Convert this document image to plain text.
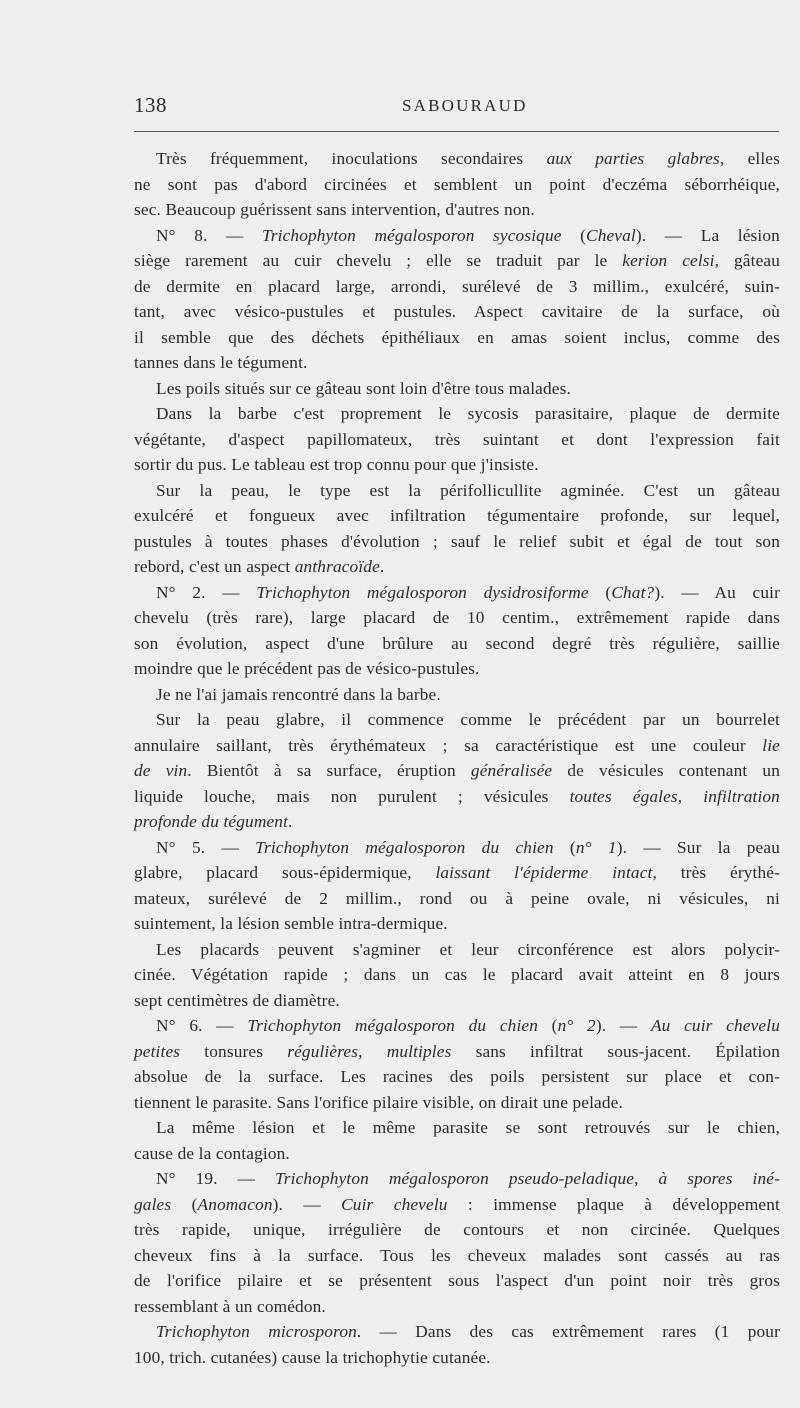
138	SABOURAUD
Très fréquemment, inoculations secondaires aux parties glabres, elles
ne sont pas d'abord circinées et semblent un point d'eczéma séborrhéique,
sec. Beaucoup guérissent sans intervention, d'autres non.
N° 8. — Trichophyton mégalosporon sycosique (Cheval). — La lésion
siège rarement au cuir chevelu ; elle se traduit par le kerion celsi, gâteau
de dermite en placard large, arrondi, surélevé de 3 millim., exulcéré, suin-
tant, avec vésico-pustules et pustules. Aspect cavitaire de la surface, où
il semble que des déchets épithéliaux en amas soient inclus, comme des
tannes dans le tégument.
Les poils situés sur ce gâteau sont loin d'être tous malades.
Dans la barbe c'est proprement le sycosis parasitaire, plaque de dermite
végétante, d'aspect papillomateux, très suintant et dont l'expression fait
sortir du pus. Le tableau est trop connu pour que j'insiste.
Sur la peau, le type est la périfollicullite agminée. C'est un gâteau
exulcéré et fongueux avec infiltration tégumentaire profonde, sur lequel,
pustules à toutes phases d'évolution ; sauf le relief subit et égal de tout son
rebord, c'est un aspect anthracoïde.
N° 2. — Trichophyton mégalosporon dysidrosiforme (Chat?). — Au cuir
chevelu (très rare), large placard de 10 centim., extrêmement rapide dans
son évolution, aspect d'une brûlure au second degré très régulière, saillie
moindre que le précédent pas de vésico-pustules.
Je ne l'ai jamais rencontré dans la barbe.
Sur la peau glabre, il commence comme le précédent par un bourrelet
annulaire saillant, très érythémateux ; sa caractéristique est une couleur lie
de vin. Bientôt à sa surface, éruption généralisée de vésicules contenant un
liquide louche, mais non purulent ; vésicules toutes égales, infiltration
profonde du tégument.
N° 5. — Trichophyton mégalosporon du chien (n° 1). — Sur la peau
glabre, placard sous-épidermique, laissant l'épiderme intact, très érythé-
mateux, surélevé de 2 millim., rond ou à peine ovale, ni vésicules, ni
suintement, la lésion semble intra-dermique.
Les placards peuvent s'agminer et leur circonférence est alors polycir-
cinée. Végétation rapide ; dans un cas le placard avait atteint en 8 jours
sept centimètres de diamètre.
N° 6. — Trichophyton mégalosporon du chien (n° 2). — Au cuir chevelu
petites tonsures régulières, multiples sans infiltrat sous-jacent. Épilation
absolue de la surface. Les racines des poils persistent sur place et con-
tiennent le parasite. Sans l'orifice pilaire visible, on dirait une pelade.
La même lésion et le même parasite se sont retrouvés sur le chien,
cause de la contagion.
N° 19. — Trichophyton mégalosporon pseudo-peladique, à spores iné-
gales (Anomacon). — Cuir chevelu : immense plaque à développement
très rapide, unique, irrégulière de contours et non circinée. Quelques
cheveux fins à la surface. Tous les cheveux malades sont cassés au ras
de l'orifice pilaire et se présentent sous l'aspect d'un point noir très gros
ressemblant à un comédon.
Trichophyton microsporon. — Dans des cas extrêmement rares (1 pour
100, trich. cutanées) cause la trichophytie cutanée.
